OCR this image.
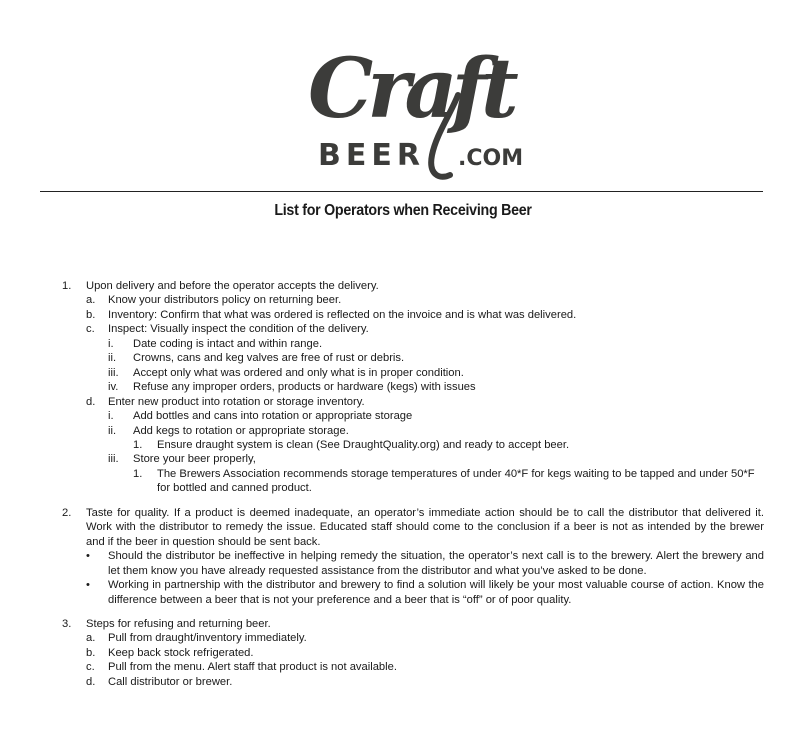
Craft
BEER .COM
List for Operators when Receiving Beer
1.	Upon delivery and before the operator accepts the delivery.
a.	Know your distributors policy on returning beer.
b.	Inventory: Confirm that what was ordered is reflected on the invoice and is what was delivered.
c.	Inspect: Visually inspect the condition of the delivery.
i.	Date coding is intact and within range.
ii.	Crowns, cans and keg valves are free of rust or debris.
iii.	Accept only what was ordered and only what is in proper condition.
iv.	Refuse any improper orders, products or hardware (kegs) with issues
d.	Enter new product into rotation or storage inventory.
i.	Add bottles and cans into rotation or appropriate storage
ii.	Add kegs to rotation or appropriate storage.
1.	Ensure draught system is clean (See DraughtQuality.org) and ready to accept beer.
iii.	Store your beer properly,
1.	The Brewers Association recommends storage temperatures of under 40*F for kegs waiting to be tapped and under 50*F for bottled and canned product.
2.	Taste for quality. If a product is deemed inadequate, an operator’s immediate action should be to call the distributor that delivered it. Work with the distributor to remedy the issue. Educated staff should come to the conclusion if a beer is not as intended by the brewer and if the beer in question should be sent back.
•	Should the distributor be ineffective in helping remedy the situation, the operator’s next call is to the brewery. Alert the brewery and let them know you have already requested assistance from the distributor and what you’ve asked to be done.
•	Working in partnership with the distributor and brewery to find a solution will likely be your most valuable course of action. Know the difference between a beer that is not your preference and a beer that is “off” or of poor quality.
3.	Steps for refusing and returning beer.
a.	Pull from draught/inventory immediately.
b.	Keep back stock refrigerated.
c.	Pull from the menu. Alert staff that product is not available.
d.	Call distributor or brewer.
